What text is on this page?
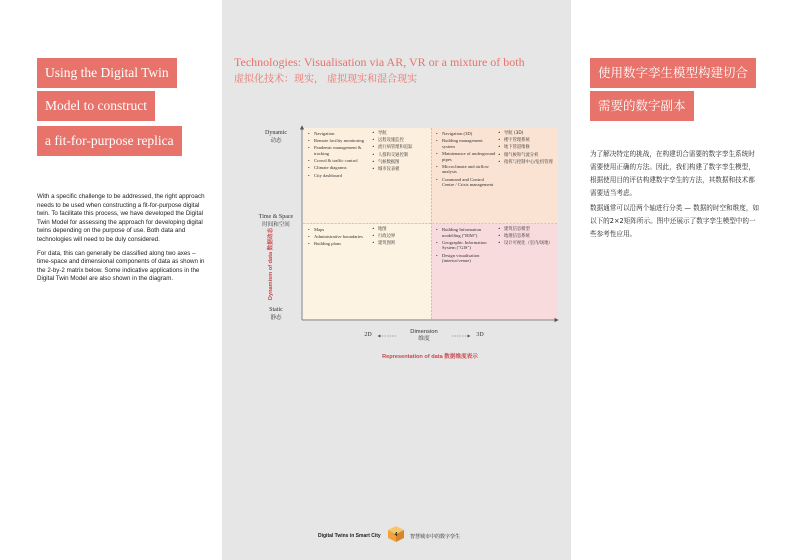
Using the Digital Twin
Model to construct
a fit-for-purpose replica

With a specific challenge to be addressed, the right approach needs to be used when constructing a fit-for-purpose digital twin. To facilitate this process, we have developed the Digital Twin Model for assessing the approach for developing digital twins depending on the purpose of use. Both data and technologies will need to be duly considered.

For data, this can generally be classified along two axes – time-space and dimensional components of data as shown in the 2-by-2 matrix below. Some indicative applications in the Digital Twin Model are also shown in the diagram.

Technologies: Visualisation via AR, VR or a mixture of both
虚拟化技术：现实， 虚拟现实和混合现实
Dynamic
动态
Time & Space
时间和空间
Static
静态
Dynamism of data 数据动态
2D	3D
Dimension
维度
Representation of data 数据维度表示
• Navigation
• Remote facility monitoring
• Pandemic management & tracking
• Crowd & traffic control
• Climate diagrams
• City dashboard
• 导航
• 远程设施监控
• 流行病管理和追踪
• 人群和交通控制
• 气候数据图
• 城市仪表板
• Navigation (3D)
• Building management system
• Maintenance of underground pipes
• Microclimate and airflow analysis
• Command and Control Centre / Crisis management
• 导航 (3D)
• 楼宇管理系统
• 地下管道维修
• 微气候和气流分析
• 指挥与控制中心/危机管理
• Maps
• Administrative boundaries
• Building plans
• 地图
• 行政边界
• 建筑图则
• Building Information modelling ("BIM")
• Geographic Information System ("GIS")
• Design visualisation (interior/venue)
• 建筑信息模型
• 地理信息系统
• 设计可视化（室内/场地）
使用数字孪生模型构建切合
需要的数字副本

为了解决特定的挑战，在构建切合需要的数字孪生系统时需要使用正确的方法。因此，我们构建了数字孪生模型，根据使用目的评估构建数字孪生的方法，其数据和技术都需要适当考虑。

数据通常可以沿两个轴进行分类 — 数据的时空和维度，如以下的2×2矩阵所示。图中还展示了数字孪生模型中的一些参考性应用。

Digital Twins in Smart City	4	智慧城市中的数字孪生
